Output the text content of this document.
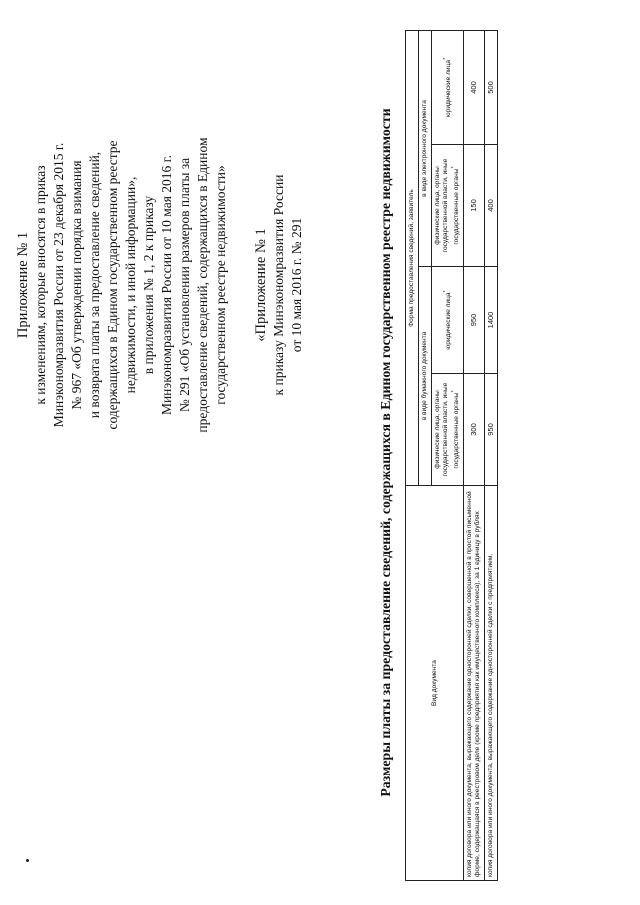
Приложение № 1 к изменениям, которые вносятся в приказ Минэкономразвития России от 23 декабря 2015 г. № 967 «Об утверждении порядка взимания и возврата платы за предоставление сведений, содержащихся в Едином государственном реестре недвижимости, и иной информации», в приложения № 1, 2 к приказу Минэкономразвития России от 10 мая 2016 г. № 291 «Об установлении размеров платы за предоставление сведений, содержащихся в Едином государственном реестре недвижимости» «Приложение № 1 к приказу Минэкономразвития России от 10 мая 2016 г. № 291	Размеры платы за предоставление сведений, содержащихся в Едином государственном реестре недвижимости	Вид документа	Форма предоставления сведений, заявитель			
	в виде бумажного документа		в виде электронного документа	
	физические лица, органы государственной власти, иные государственные органы*	юридические лица*	физические лица, органы государственной власти, иные государственные органы*	юридические лица*
копия договора или иного документа, выражающего содержание односторонней сделки, совершенной в простой письменной форме, содержащаяся в реестровом деле (кроме предприятия как имущественного комплекса), за 1 единицу в рублях	300	950	150	400
копия договора или иного документа, выражающего содержание односторонней сделки с предприятием,	950	1400	400	500
